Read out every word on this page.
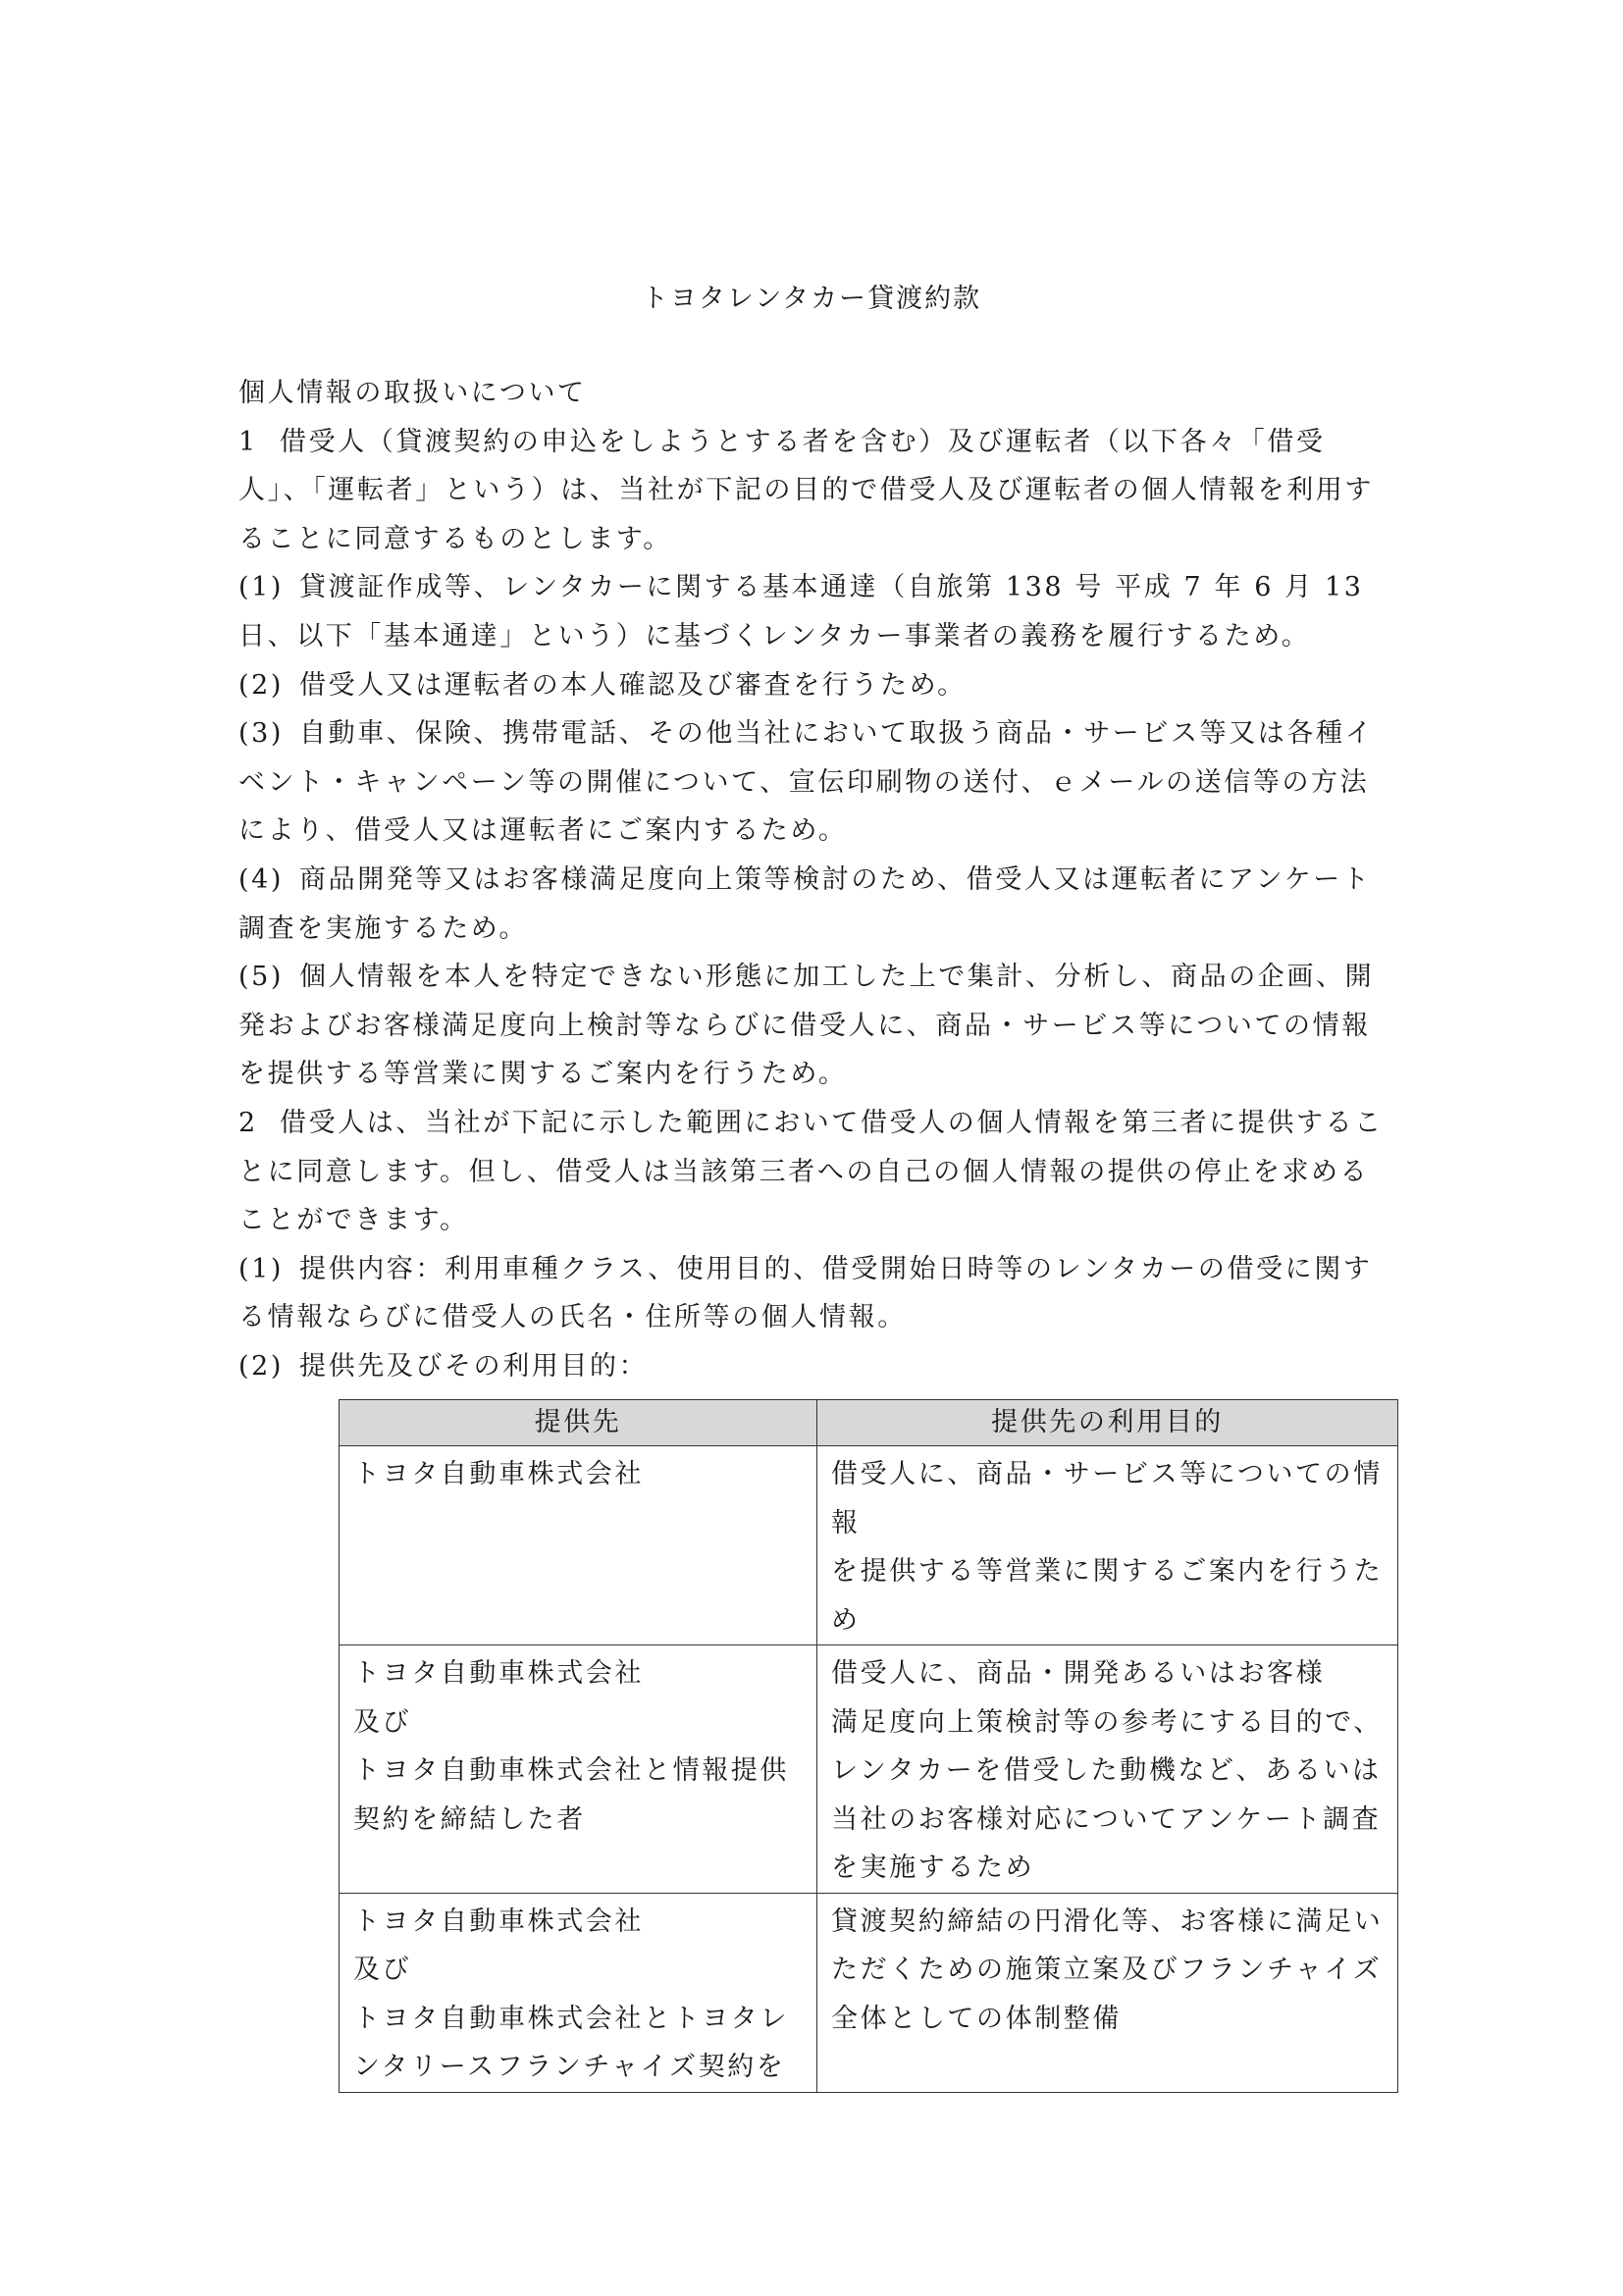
トヨタレンタカー貸渡約款

個人情報の取扱いについて

1 借受人（貸渡契約の申込をしようとする者を含む）及び運転者（以下各々「借受人」、「運転者」という）は、当社が下記の目的で借受人及び運転者の個人情報を利用することに同意するものとします。

(1) 貸渡証作成等、レンタカーに関する基本通達（自旅第 138 号 平成 7 年 6 月 13 日、以下「基本通達」という）に基づくレンタカー事業者の義務を履行するため。

(2) 借受人又は運転者の本人確認及び審査を行うため。

(3) 自動車、保険、携帯電話、その他当社において取扱う商品・サービス等又は各種イベント・キャンペーン等の開催について、宣伝印刷物の送付、ｅメールの送信等の方法により、借受人又は運転者にご案内するため。

(4) 商品開発等又はお客様満足度向上策等検討のため、借受人又は運転者にアンケート調査を実施するため。

(5) 個人情報を本人を特定できない形態に加工した上で集計、分析し、商品の企画、開発およびお客様満足度向上検討等ならびに借受人に、商品・サービス等についての情報を提供する等営業に関するご案内を行うため。

2 借受人は、当社が下記に示した範囲において借受人の個人情報を第三者に提供することに同意します。但し、借受人は当該第三者への自己の個人情報の提供の停止を求めることができます。

(1) 提供内容：利用車種クラス、使用目的、借受開始日時等のレンタカーの借受に関する情報ならびに借受人の氏名・住所等の個人情報。

(2) 提供先及びその利用目的：

提供先	提供先の利用目的

トヨタ自動車株式会社	借受人に、商品・サービス等についての情報
を提供する等営業に関するご案内を行うた
め

トヨタ自動車株式会社
及び
トヨタ自動車株式会社と情報提供
契約を締結した者	借受人に、商品・開発あるいはお客様
満足度向上策検討等の参考にする目的で、
レンタカーを借受した動機など、あるいは
当社のお客様対応についてアンケート調査
を実施するため

トヨタ自動車株式会社
及び
トヨタ自動車株式会社とトヨタレ
ンタリースフランチャイズ契約を	貸渡契約締結の円滑化等、お客様に満足い
ただくための施策立案及びフランチャイズ
全体としての体制整備
